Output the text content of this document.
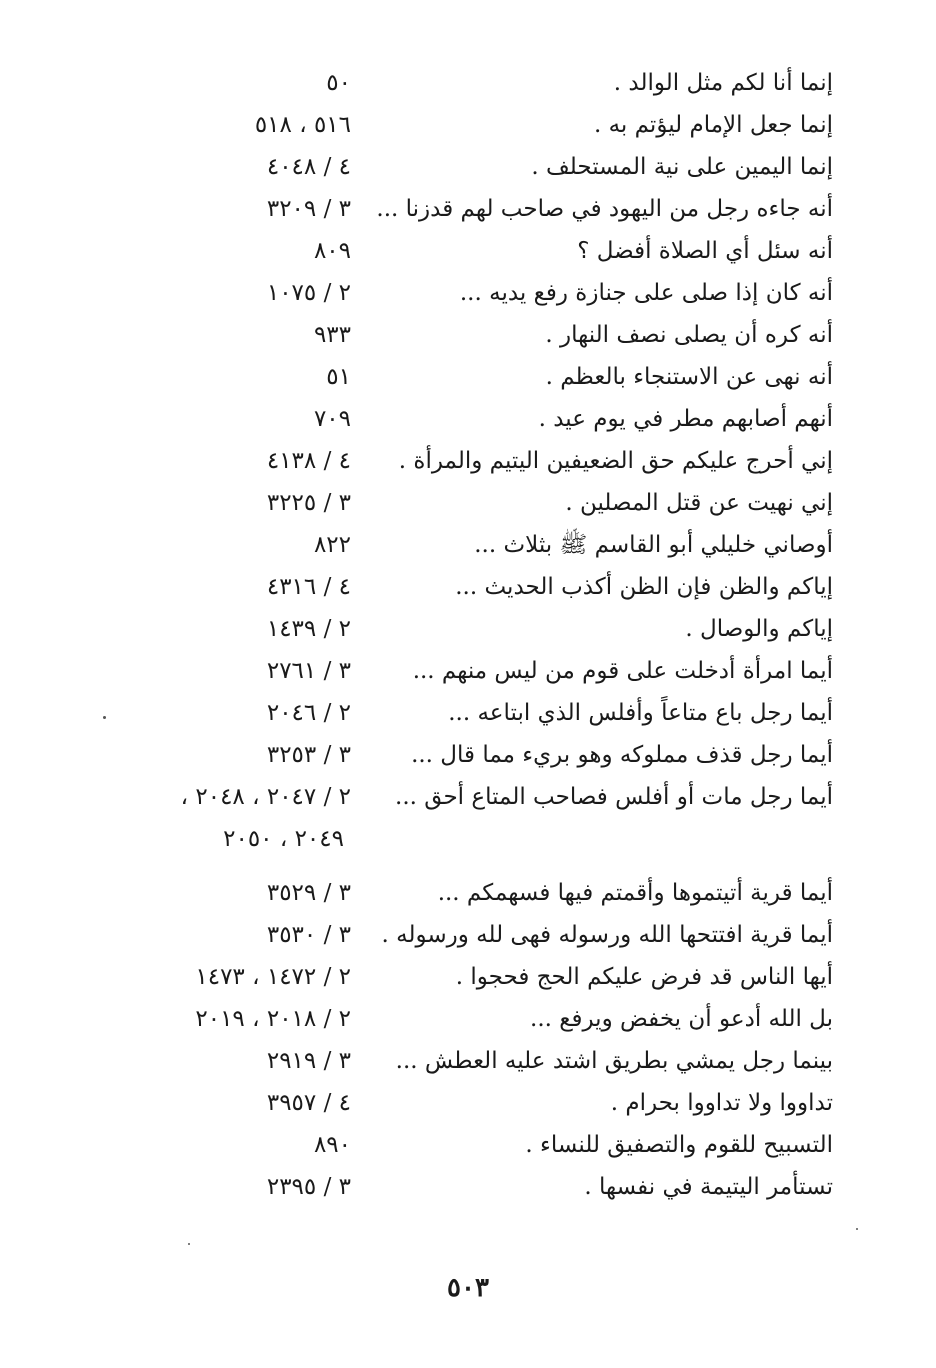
إنما أنا لكم مثل الوالد .
٥٠
إنما جعل الإمام ليؤتم به .
٥١٦ ، ٥١٨
إنما اليمين على نية المستحلف .
٤ / ٤٠٤٨
أنه جاءه رجل من اليهود في صاحب لهم قدزنا ...
٣ / ٣٢٠٩
أنه سئل أي الصلاة أفضل ؟
٨٠٩
أنه كان إذا صلى على جنازة رفع يديه ...
٢ / ١٠٧٥
أنه كره أن يصلى نصف النهار .
٩٣٣
أنه نهى عن الاستنجاء بالعظم .
٥١
أنهم أصابهم مطر في يوم عيد .
٧٠٩
إني أحرج عليكم حق الضعيفين اليتيم والمرأة .
٤ / ٤١٣٨
إني نهيت عن قتل المصلين .
٣ / ٣٢٢٥
أوصاني خليلي أبو القاسم ﷺ بثلاث ...
٨٢٢
إياكم والظن فإن الظن أكذب الحديث ...
٤ / ٤٣١٦
إياكم والوصال .
٢ / ١٤٣٩
أيما امرأة أدخلت على قوم من ليس منهم ...
٣ / ٢٧٦١
أيما رجل باع متاعاً وأفلس الذي ابتاعه ...
٢ / ٢٠٤٦
أيما رجل قذف مملوكه وهو بريء مما قال ...
٣ / ٣٢٥٣
أيما رجل مات أو أفلس فصاحب المتاع أحق ...
٢ / ٢٠٤٧ ، ٢٠٤٨ ،
٢٠٤٩ ، ٢٠٥٠
أيما قرية أتيتموها وأقمتم فيها فسهمكم ...
٣ / ٣٥٢٩
أيما قرية افتتحها الله ورسوله فهى لله ورسوله .
٣ / ٣٥٣٠
أيها الناس قد فرض عليكم الحج فحجوا .
٢ / ١٤٧٢ ، ١٤٧٣
بل الله أدعو أن يخفض ويرفع ...
٢ / ٢٠١٨ ، ٢٠١٩
بينما رجل يمشي بطريق اشتد عليه العطش ...
٣ / ٢٩١٩
تداووا ولا تداووا بحرام .
٤ / ٣٩٥٧
التسبيح للقوم والتصفيق للنساء .
٨٩٠
تستأمر اليتيمة في نفسها .
٣ / ٢٣٩٥
٥٠٣
